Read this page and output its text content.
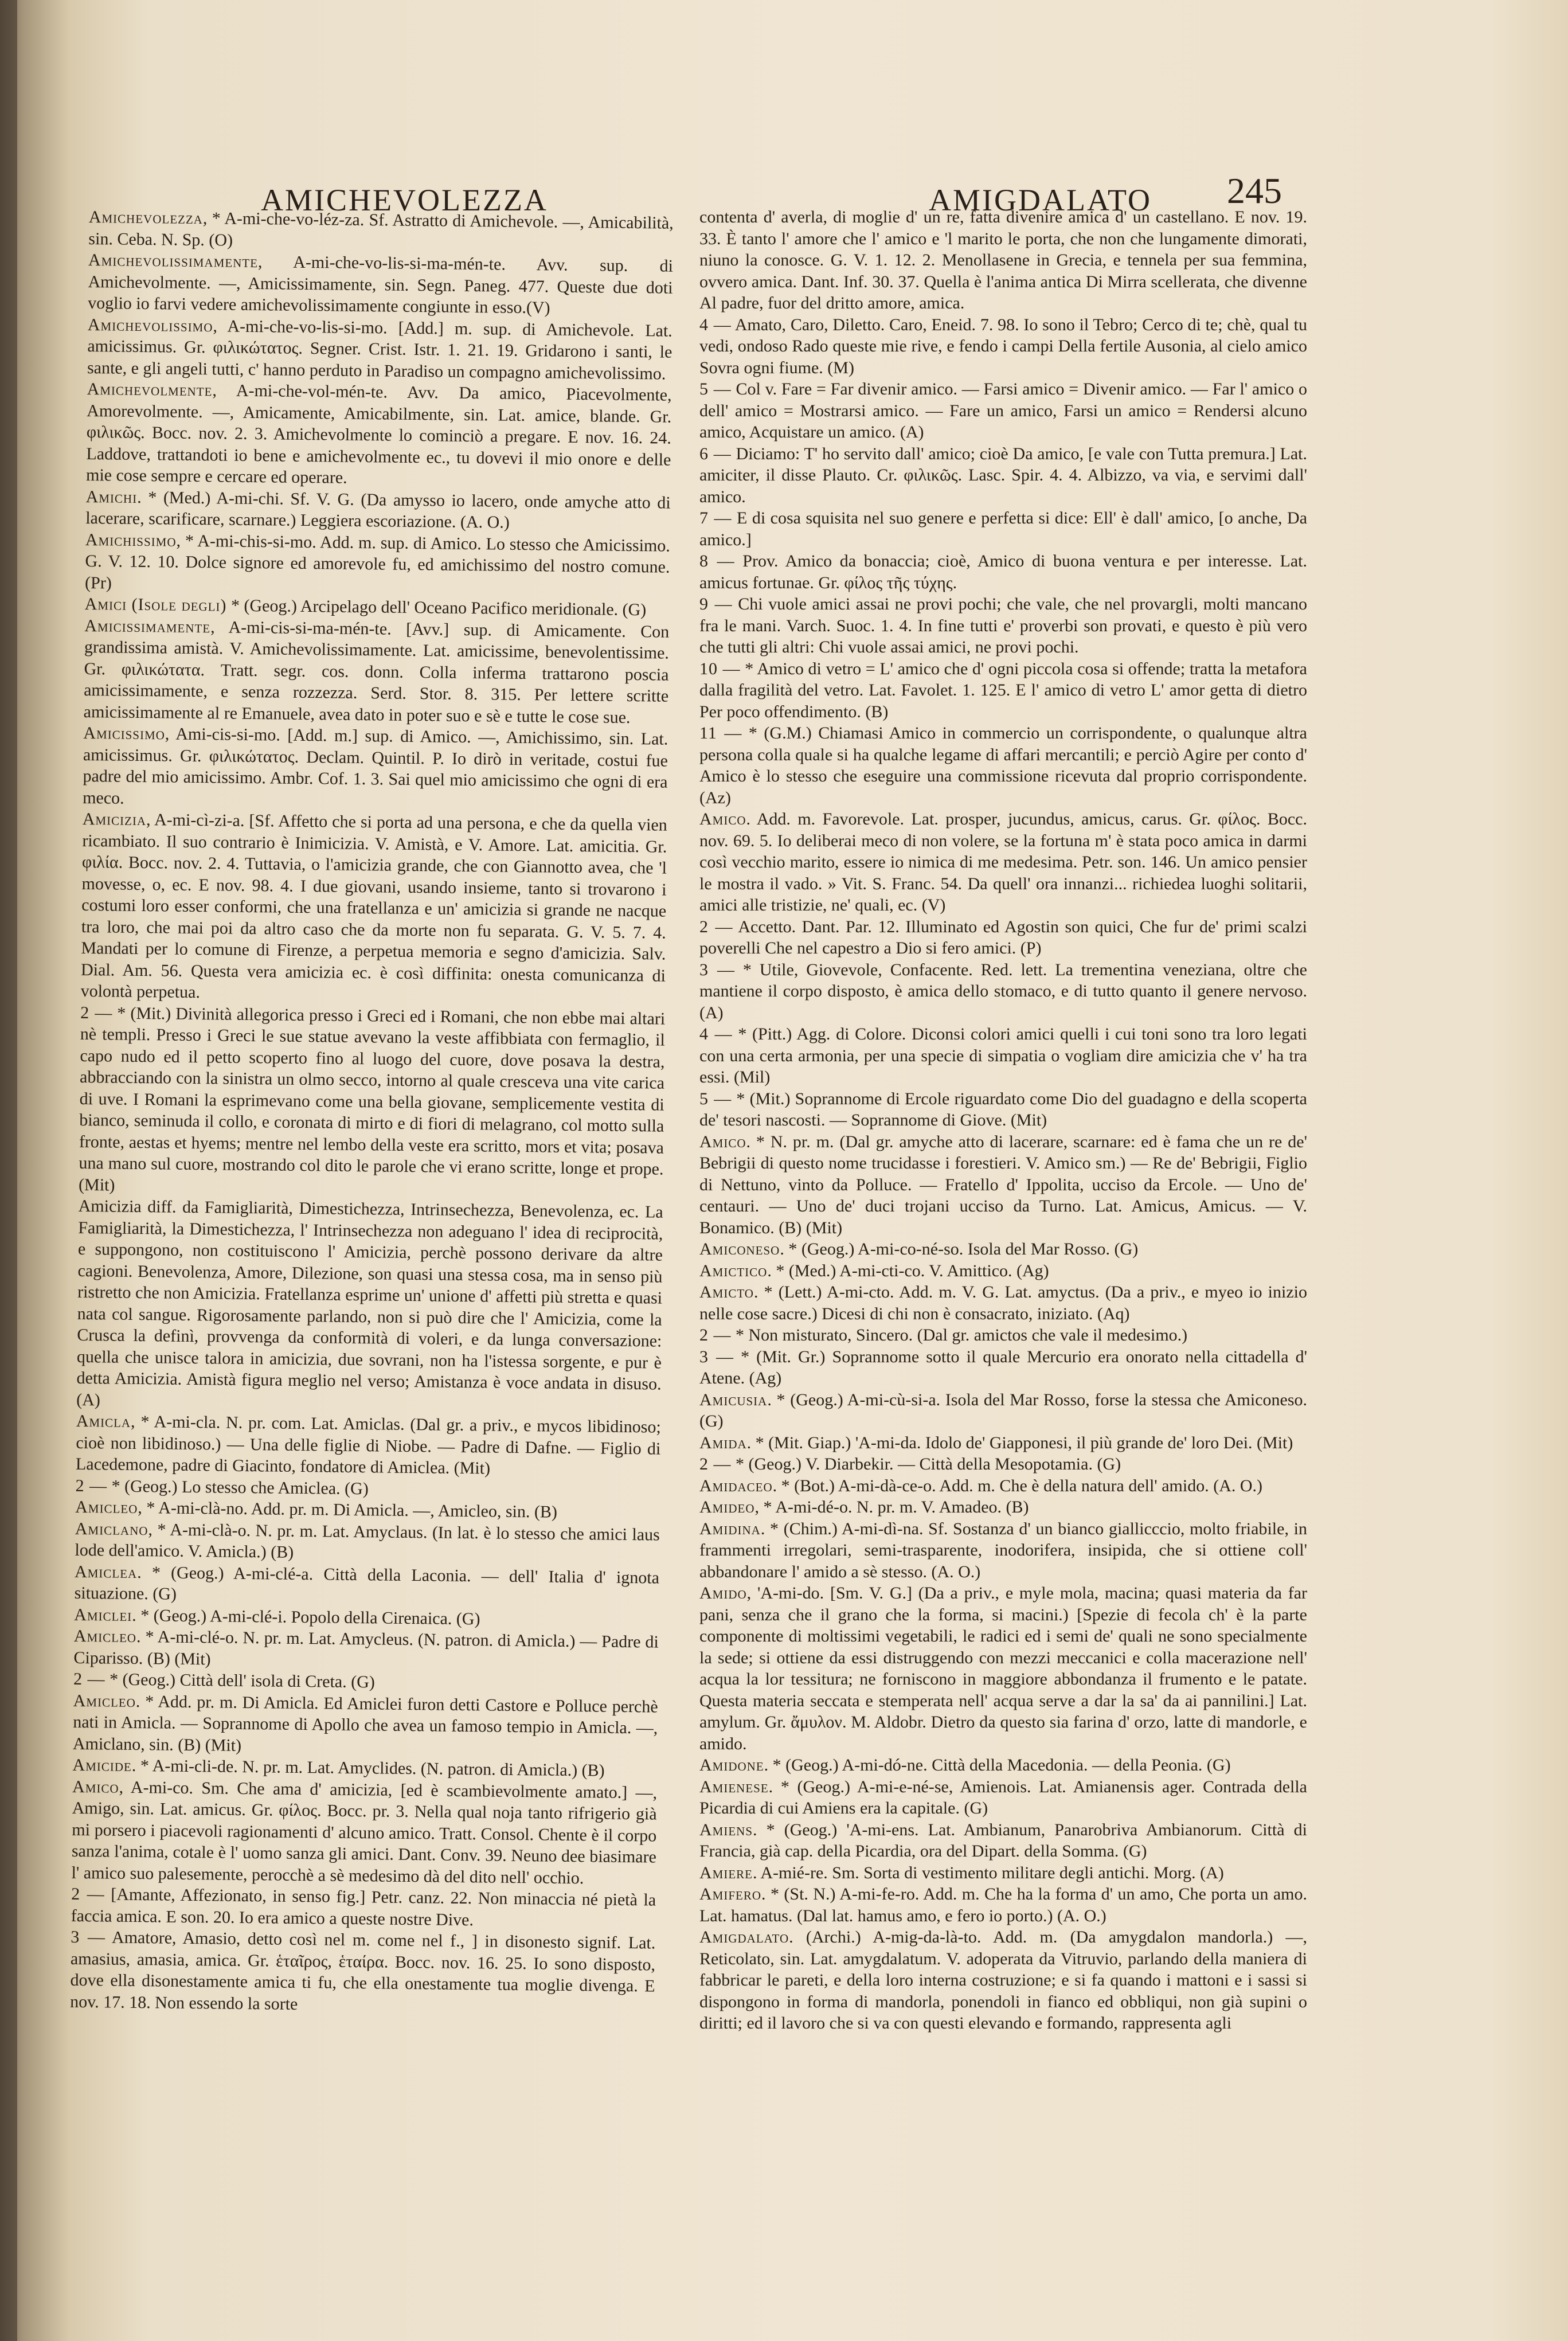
AMICHEVOLEZZA	AMIGDALATO 245

Amichevolezza, * A-mi-che-vo-léz-za. Sf. Astratto di Amichevole. —, Amicabilità, sin. Ceba. N. Sp. (O)

Amichevolissimamente, A-mi-che-vo-lis-si-ma-mén-te. Avv. sup. di Amichevolmente. —, Amicissimamente, sin. Segn. Paneg. 477. Queste due doti voglio io farvi vedere amichevolissimamente congiunte in esso.(V)

Amichevolissimo, A-mi-che-vo-lis-si-mo. [Add.] m. sup. di Amichevole. Lat. amicissimus. Gr. φιλικώτατος. Segner. Crist. Istr. 1. 21. 19. Gridarono i santi, le sante, e gli angeli tutti, c' hanno perduto in Paradiso un compagno amichevolissimo.

Amichevolmente, A-mi-che-vol-mén-te. Avv. Da amico, Piacevolmente, Amorevolmente. —, Amicamente, Amicabilmente, sin. Lat. amice, blande. Gr. φιλικῶς. Bocc. nov. 2. 3. Amichevolmente lo cominciò a pregare. E nov. 16. 24. Laddove, trattandoti io bene e amichevolmente ec., tu dovevi il mio onore e delle mie cose sempre e cercare ed operare.

Amichi. * (Med.) A-mi-chi. Sf. V. G. (Da amysso io lacero, onde amyche atto di lacerare, scarificare, scarnare.) Leggiera escoriazione. (A. O.)

Amichissimo, * A-mi-chis-si-mo. Add. m. sup. di Amico. Lo stesso che Amicissimo. G. V. 12. 10. Dolce signore ed amorevole fu, ed amichissimo del nostro comune. (Pr)

Amici (Isole degli) * (Geog.) Arcipelago dell' Oceano Pacifico meridionale. (G)

Amicissimamente, A-mi-cis-si-ma-mén-te. [Avv.] sup. di Amicamente. Con grandissima amistà. V. Amichevolissimamente. Lat. amicissime, benevolentissime. Gr. φιλικώτατα. Tratt. segr. cos. donn. Colla inferma trattarono poscia amicissimamente, e senza rozzezza. Serd. Stor. 8. 315. Per lettere scritte amicissimamente al re Emanuele, avea dato in poter suo e sè e tutte le cose sue.

Amicissimo, Ami-cis-si-mo. [Add. m.] sup. di Amico. —, Amichissimo, sin. Lat. amicissimus. Gr. φιλικώτατος. Declam. Quintil. P. Io dirò in veritade, costui fue padre del mio amicissimo. Ambr. Cof. 1. 3. Sai quel mio amicissimo che ogni di era meco.

Amicizia, A-mi-cì-zi-a. [Sf. Affetto che si porta ad una persona, e che da quella vien ricambiato. Il suo contrario è Inimicizia. V. Amistà, e V. Amore. Lat. amicitia. Gr. φιλία. Bocc. nov. 2. 4. Tuttavia, o l'amicizia grande, che con Giannotto avea, che 'l movesse, o, ec. E nov. 98. 4. I due giovani, usando insieme, tanto si trovarono i costumi loro esser conformi, che una fratellanza e un' amicizia si grande ne nacque tra loro, che mai poi da altro caso che da morte non fu separata. G. V. 5. 7. 4. Mandati per lo comune di Firenze, a perpetua memoria e segno d'amicizia. Salv. Dial. Am. 56. Questa vera amicizia ec. è così diffinita: onesta comunicanza di volontà perpetua.

2 — * (Mit.) Divinità allegorica presso i Greci ed i Romani, che non ebbe mai altari nè templi. Presso i Greci le sue statue avevano la veste affibbiata con fermaglio, il capo nudo ed il petto scoperto fino al luogo del cuore, dove posava la destra, abbracciando con la sinistra un olmo secco, intorno al quale cresceva una vite carica di uve. I Romani la esprimevano come una bella giovane, semplicemente vestita di bianco, seminuda il collo, e coronata di mirto e di fiori di melagrano, col motto sulla fronte, aestas et hyems; mentre nel lembo della veste era scritto, mors et vita; posava una mano sul cuore, mostrando col dito le parole che vi erano scritte, longe et prope. (Mit)

Amicizia diff. da Famigliarità, Dimestichezza, Intrinsechezza, Benevolenza, ec. La Famigliarità, la Dimestichezza, l' Intrinsechezza non adeguano l' idea di reciprocità, e suppongono, non costituiscono l' Amicizia, perchè possono derivare da altre cagioni. Benevolenza, Amore, Dilezione, son quasi una stessa cosa, ma in senso più ristretto che non Amicizia. Fratellanza esprime un' unione d' affetti più stretta e quasi nata col sangue. Rigorosamente parlando, non si può dire che l' Amicizia, come la Crusca la definì, provvenga da conformità di voleri, e da lunga conversazione: quella che unisce talora in amicizia, due sovrani, non ha l'istessa sorgente, e pur è detta Amicizia. Amistà figura meglio nel verso; Amistanza è voce andata in disuso. (A)

Amicla, * A-mi-cla. N. pr. com. Lat. Amiclas. (Dal gr. a priv., e mycos libidinoso; cioè non libidinoso.) — Una delle figlie di Niobe. — Padre di Dafne. — Figlio di Lacedemone, padre di Giacinto, fondatore di Amiclea. (Mit)

2 — * (Geog.) Lo stesso che Amiclea. (G)

Amicleo, * A-mi-clà-no. Add. pr. m. Di Amicla. —, Amicleo, sin. (B)

Amiclano, * A-mi-clà-o. N. pr. m. Lat. Amyclaus. (In lat. è lo stesso che amici laus lode dell'amico. V. Amicla.) (B)

Amiclea. * (Geog.) A-mi-clé-a. Città della Laconia. — dell' Italia d' ignota situazione. (G)

Amiclei. * (Geog.) A-mi-clé-i. Popolo della Cirenaica. (G)

Amicleo. * A-mi-clé-o. N. pr. m. Lat. Amycleus. (N. patron. di Amicla.) — Padre di Ciparisso. (B) (Mit)

2 — * (Geog.) Città dell' isola di Creta. (G)

Amicleo. * Add. pr. m. Di Amicla. Ed Amiclei furon detti Castore e Polluce perchè nati in Amicla. — Soprannome di Apollo che avea un famoso tempio in Amicla. —, Amiclano, sin. (B) (Mit)

Amicide. * A-mi-cli-de. N. pr. m. Lat. Amyclides. (N. patron. di Amicla.) (B)

Amico, A-mi-co. Sm. Che ama d' amicizia, [ed è scambievolmente amato.] —, Amigo, sin. Lat. amicus. Gr. φίλος. Bocc. pr. 3. Nella qual noja tanto rifrigerio già mi porsero i piacevoli ragionamenti d' alcuno amico. Tratt. Consol. Chente è il corpo sanza l'anima, cotale è l' uomo sanza gli amici. Dant. Conv. 39. Neuno dee biasimare l' amico suo palesemente, perocchè a sè medesimo dà del dito nell' occhio.

2 — [Amante, Affezionato, in senso fig.] Petr. canz. 22. Non minaccia né pietà la faccia amica. E son. 20. Io era amico a queste nostre Dive.

3 — Amatore, Amasio, detto così nel m. come nel f., ] in disonesto signif. Lat. amasius, amasia, amica. Gr. ἑταῖρος, ἑταίρα. Bocc. nov. 16. 25. Io sono disposto, dove ella disonestamente amica ti fu, che ella onestamente tua moglie divenga. E nov. 17. 18. Non essendo la sorte

contenta d' averla, di moglie d' un re, fatta divenire amica d' un castellano. E nov. 19. 33. È tanto l' amore che l' amico e 'l marito le porta, che non che lungamente dimorati, niuno la conosce. G. V. 1. 12. 2. Menollasene in Grecia, e tennela per sua femmina, ovvero amica. Dant. Inf. 30. 37. Quella è l'anima antica Di Mirra scellerata, che divenne Al padre, fuor del dritto amore, amica.

4 — Amato, Caro, Diletto. Caro, Eneid. 7. 98. Io sono il Tebro; Cerco di te; chè, qual tu vedi, ondoso Rado queste mie rive, e fendo i campi Della fertile Ausonia, al cielo amico Sovra ogni fiume. (M)

5 — Col v. Fare = Far divenir amico. — Farsi amico = Divenir amico. — Far l' amico o dell' amico = Mostrarsi amico. — Fare un amico, Farsi un amico = Rendersi alcuno amico, Acquistare un amico. (A)

6 — Diciamo: T' ho servito dall' amico; cioè Da amico, [e vale con Tutta premura.] Lat. amiciter, il disse Plauto. Cr. φιλικῶς. Lasc. Spir. 4. 4. Albizzo, va via, e servimi dall' amico.

7 — E di cosa squisita nel suo genere e perfetta si dice: Ell' è dall' amico, [o anche, Da amico.]

8 — Prov. Amico da bonaccia; cioè, Amico di buona ventura e per interesse. Lat. amicus fortunae. Gr. φίλος τῆς τύχης.

9 — Chi vuole amici assai ne provi pochi; che vale, che nel provargli, molti mancano fra le mani. Varch. Suoc. 1. 4. In fine tutti e' proverbi son provati, e questo è più vero che tutti gli altri: Chi vuole assai amici, ne provi pochi.

10 — * Amico di vetro = L' amico che d' ogni piccola cosa si offende; tratta la metafora dalla fragilità del vetro. Lat. Favolet. 1. 125. E l' amico di vetro L' amor getta di dietro Per poco offendimento. (B)

11 — * (G.M.) Chiamasi Amico in commercio un corrispondente, o qualunque altra persona colla quale si ha qualche legame di affari mercantili; e perciò Agire per conto d' Amico è lo stesso che eseguire una commissione ricevuta dal proprio corrispondente. (Az)

Amico. Add. m. Favorevole. Lat. prosper, jucundus, amicus, carus. Gr. φίλος. Bocc. nov. 69. 5. Io deliberai meco di non volere, se la fortuna m' è stata poco amica in darmi così vecchio marito, essere io nimica di me medesima. Petr. son. 146. Un amico pensier le mostra il vado. » Vit. S. Franc. 54. Da quell' ora innanzi... richiedea luoghi solitarii, amici alle tristizie, ne' quali, ec. (V)

2 — Accetto. Dant. Par. 12. Illuminato ed Agostin son quici, Che fur de' primi scalzi poverelli Che nel capestro a Dio si fero amici. (P)

3 — * Utile, Giovevole, Confacente. Red. lett. La trementina veneziana, oltre che mantiene il corpo disposto, è amica dello stomaco, e di tutto quanto il genere nervoso. (A)

4 — * (Pitt.) Agg. di Colore. Diconsi colori amici quelli i cui toni sono tra loro legati con una certa armonia, per una specie di simpatia o vogliam dire amicizia che v' ha tra essi. (Mil)

5 — * (Mit.) Soprannome di Ercole riguardato come Dio del guadagno e della scoperta de' tesori nascosti. — Soprannome di Giove. (Mit)

Amico. * N. pr. m. (Dal gr. amyche atto di lacerare, scarnare: ed è fama che un re de' Bebrigii di questo nome trucidasse i forestieri. V. Amico sm.) — Re de' Bebrigii, Figlio di Nettuno, vinto da Polluce. — Fratello d' Ippolita, ucciso da Ercole. — Uno de' centauri. — Uno de' duci trojani ucciso da Turno. Lat. Amicus, Amicus. — V. Bonamico. (B) (Mit)

Amiconeso. * (Geog.) A-mi-co-né-so. Isola del Mar Rosso. (G)

Amictico. * (Med.) A-mi-cti-co. V. Amittico. (Ag)

Amicto. * (Lett.) A-mi-cto. Add. m. V. G. Lat. amyctus. (Da a priv., e myeo io inizio nelle cose sacre.) Dicesi di chi non è consacrato, iniziato. (Aq)

2 — * Non misturato, Sincero. (Dal gr. amictos che vale il medesimo.)

3 — * (Mit. Gr.) Soprannome sotto il quale Mercurio era onorato nella cittadella d' Atene. (Ag)

Amicusia. * (Geog.) A-mi-cù-si-a. Isola del Mar Rosso, forse la stessa che Amiconeso. (G)

Amida. * (Mit. Giap.) 'A-mi-da. Idolo de' Giapponesi, il più grande de' loro Dei. (Mit)

2 — * (Geog.) V. Diarbekir. — Città della Mesopotamia. (G)

Amidaceo. * (Bot.) A-mi-dà-ce-o. Add. m. Che è della natura dell' amido. (A. O.)

Amideo, * A-mi-dé-o. N. pr. m. V. Amadeo. (B)

Amidina. * (Chim.) A-mi-dì-na. Sf. Sostanza d' un bianco giallicccio, molto friabile, in frammenti irregolari, semi-trasparente, inodorifera, insipida, che si ottiene coll' abbandonare l' amido a sè stesso. (A. O.)

Amido, 'A-mi-do. [Sm. V. G.] (Da a priv., e myle mola, macina; quasi materia da far pani, senza che il grano che la forma, si macini.) [Spezie di fecola ch' è la parte componente di moltissimi vegetabili, le radici ed i semi de' quali ne sono specialmente la sede; si ottiene da essi distruggendo con mezzi meccanici e colla macerazione nell' acqua la lor tessitura; ne forniscono in maggiore abbondanza il frumento e le patate. Questa materia seccata e stemperata nell' acqua serve a dar la sa' da ai pannilini.] Lat. amylum. Gr. ἄμυλον. M. Aldobr. Dietro da questo sia farina d' orzo, latte di mandorle, e amido.

Amidone. * (Geog.) A-mi-dó-ne. Città della Macedonia. — della Peonia. (G)

Amienese. * (Geog.) A-mi-e-né-se, Amienois. Lat. Amianensis ager. Contrada della Picardia di cui Amiens era la capitale. (G)

Amiens. * (Geog.) 'A-mi-ens. Lat. Ambianum, Panarobriva Ambianorum. Città di Francia, già cap. della Picardia, ora del Dipart. della Somma. (G)

Amiere. A-mié-re. Sm. Sorta di vestimento militare degli antichi. Morg. (A)

Amifero. * (St. N.) A-mi-fe-ro. Add. m. Che ha la forma d' un amo, Che porta un amo. Lat. hamatus. (Dal lat. hamus amo, e fero io porto.) (A. O.)

Amigdalato. (Archi.) A-mig-da-là-to. Add. m. (Da amygdalon mandorla.) —, Reticolato, sin. Lat. amygdalatum. V. adoperata da Vitruvio, parlando della maniera di fabbricar le pareti, e della loro interna costruzione; e si fa quando i mattoni e i sassi si dispongono in forma di mandorla, ponendoli in fianco ed obbliqui, non già supini o diritti; ed il lavoro che si va con questi elevando e formando, rappresenta agli
